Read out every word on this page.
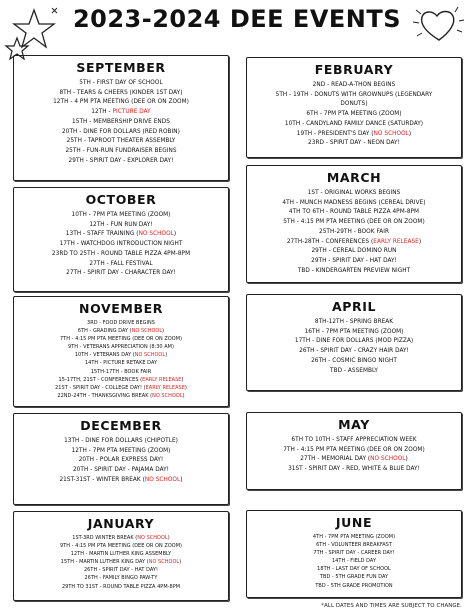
2023-2024 DEE EVENTS
SEPTEMBER
5TH - FIRST DAY OF SCHOOL
8TH - TEARS & CHEERS (KINDER 1ST DAY)
12TH - 4 PM PTA MEETING (DEE OR ON ZOOM)
12TH - PICTURE DAY
15TH - MEMBERSHIP DRIVE ENDS
20TH - DINE FOR DOLLARS (RED ROBIN)
25TH - TAPROOT THEATER ASSEMBLY
25TH - FUN-RUN FUNDRAISER BEGINS
29TH - SPIRIT DAY - EXPLORER DAY!
OCTOBER
10TH - 7PM PTA MEETING (ZOOM)
12TH - FUN RUN DAY!
13TH - STAFF TRAINING (NO SCHOOL)
17TH - WATCHDOG INTRODUCTION NIGHT
23RD TO 25TH - ROUND TABLE PIZZA 4PM-8PM
27TH - FALL FESTIVAL
27TH - SPIRIT DAY - CHARACTER DAY!
NOVEMBER
3RD - FOOD DRIVE BEGINS
6TH - GRADING DAY (NO SCHOOL)
7TH - 4:15 PM PTA MEETING (DEE OR ON ZOOM)
9TH - VETERANS APPRECIATION (8:30 AM)
10TH - VETERANS DAY (NO SCHOOL)
14TH - PICTURE RETAKE DAY
15TH-17TH - BOOK FAIR
15-17TH, 21ST - CONFERENCES (EARLY RELEASE)
21ST - SPIRIT DAY - COLLEGE DAY! (EARLY RELEASE)
22ND-24TH - THANKSGIVING BREAK (NO SCHOOL)
DECEMBER
13TH - DINE FOR DOLLARS (CHIPOTLE)
12TH - 7PM PTA MEETING (ZOOM)
20TH - POLAR EXPRESS DAY!
20TH - SPIRIT DAY - PAJAMA DAY!
21ST-31ST - WINTER BREAK (NO SCHOOL)
JANUARY
1ST-3RD WINTER BREAK (NO SCHOOL)
9TH - 4:15 PM PTA MEETING (DEE OR ON ZOOM)
12TH - MARTIN LUTHER KING ASSEMBLY
15TH - MARTIN LUTHER KING DAY (NO SCHOOL)
26TH - SPIRIT DAY - HAT DAY!
26TH - FAMILY BINGO PAW-TY
29TH TO 31ST - ROUND TABLE PIZZA 4PM-8PM
FEBRUARY
2ND - READ-A-THON BEGINS
5TH - 19TH - DONUTS WITH GROWNUPS (LEGENDARY
DONUTS)
6TH - 7PM PTA MEETING (ZOOM)
10TH - CANDYLAND FAMILY DANCE (SATURDAY)
19TH - PRESIDENT'S DAY (NO SCHOOL)
23RD - SPIRIT DAY - NEON DAY!
MARCH
1ST - ORIGINAL WORKS BEGINS
4TH - MUNCH MADNESS BEGINS (CEREAL DRIVE)
4TH TO 6TH - ROUND TABLE PIZZA 4PM-8PM
5TH - 4:15 PM PTA MEETING (DEE OR ON ZOOM)
25TH-29TH - BOOK FAIR
27TH-28TH - CONFERENCES (EARLY RELEASE)
29TH - CEREAL DOMINO RUN
29TH - SPIRIT DAY - HAT DAY!
TBD - KINDERGARTEN PREVIEW NIGHT
APRIL
8TH-12TH - SPRING BREAK
16TH - 7PM PTA MEETING (ZOOM)
17TH - DINE FOR DOLLARS (MOD PIZZA)
26TH - SPIRIT DAY - CRAZY HAIR DAY!
26TH - COSMIC BINGO NIGHT
TBD - ASSEMBLY
MAY
6TH TO 10TH - STAFF APPRECIATION WEEK
7TH - 4:15 PM PTA MEETING (DEE OR ON ZOOM)
27TH - MEMORIAL DAY (NO SCHOOL)
31ST - SPIRIT DAY - RED, WHITE & BLUE DAY!
JUNE
4TH - 7PM PTA MEETING (ZOOM)
6TH - VOLUNTEER BREAKFAST
7TH - SPIRIT DAY - CAREER DAY!
14TH - FIELD DAY
18TH - LAST DAY OF SCHOOL
TBD - 5TH GRADE FUN DAY
TBD - 5TH GRADE PROMOTION
*ALL DATES AND TIMES ARE SUBJECT TO CHANGE.
